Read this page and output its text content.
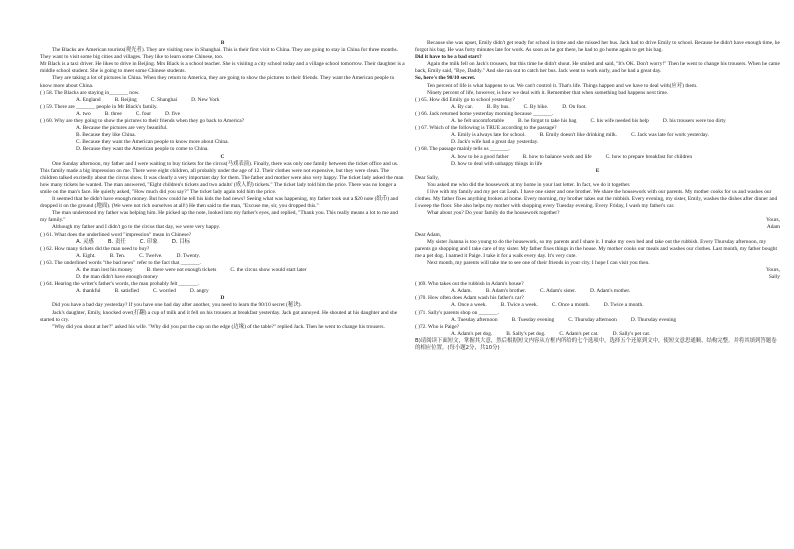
B

The Blacks are American tourists(观光者). They are visiting now in Shanghai. This is their first visit to China. They are going to stay in China for three months. They want to visit some big cities and villages. They like to learn some Chinese, too.

Mr Black is a taxi driver. He likes to drive in Beijing. Mrs Black is a school teacher. She is visiting a city school today and a village school tomorrow. Their daughter is a middle school student. She is going to meet some Chinese students.

They are taking a lot of pictures in China. When they return to America, they are going to show the pictures to their friends. They want the American people to know more about China.

( ) 58. The Blacks are staying in_______ now.

A. England	B. Beijing	C. Shanghai	D. New York

( ) 59. There are _______ people in Mr Black's family.

A. two	B. three	C. four	D. five

( ) 60. Why are they going to show the pictures to their friends when they go back to America?

A. Because the pictures are very beautiful.
B. Because they like China.
C. Because they want the American people to know more about China.
D. Because they want the American people to come to China.

C

One Sunday afternoon, my father and I were waiting to buy tickets for the circus(马戏表演). Finally, there was only one family between the ticket office and us. This family made a big impression on me. There were eight children, all probably under the age of 12. Their clothes were not expensive, but they were clean. The children talked excitedly about the circus show. It was clearly a very important day for them. The father and mother were also very happy. The ticket lady asked the man how many tickets he wanted. The man answered, "Eight children's tickets and two adults' (成人的) tickets." The ticket lady told him the price. There was no longer a smile on the man's face. He quietly asked, "How much did you say?" The ticket lady again told him the price.

It seemed that he didn't have enough money. But how could he tell his kids the bad news? Seeing what was happening, my father took out a $20 note (纸币) and dropped it on the ground (地面). (We were not rich ourselves at all!) He then said to the man, "Excuse me, sir, you dropped this."

The man understood my father was helping him. He picked up the note, looked into my father's eyes, and replied, "Thank you. This really means a lot to me and my family."

Although my father and I didn't go to the circus that day, we were very happy.

( ) 61. What does the underlined word "impression" mean in Chinese?

A. 灵感	B. 责任	C. 印象	D. 目标

( ) 62. How many tickets did the man need to buy?

A. Eight.	B. Ten.	C. Twelve.	D. Twenty.

( ) 63. The underlined words "the bad news" refer to the fact that _______.

A. the man lost his money	B. there were not enough tickets	C. the circus show would start later
D. the man didn't have enough money

( ) 64. Hearing the writer's father's words, the man probably felt _______.

A. thankful	B. satisfied	C. worried	D. angry

D

Did you have a bad day yesterday? If you have one bad day after another, you need to learn the 90/10 secret (秘诀).

Jack's daughter, Emily, knocked over(打翻) a cup of milk and it fell on his trousers at breakfast yesterday. Jack got annoyed. He shouted at his daughter and she started to cry.

"Why did you shout at her?" asked his wife. "Why did you put the cup on the edge (边缘) of the table?" replied Jack. Then he went to change his trousers.

Because she was upset, Emily didn't get ready for school in time and she missed her bus. Jack had to drive Emily to school. Because he didn't have enough time, he forgot his bag. He was forty minutes late for work. As soon as he got there, he had to go home again to get his bag.

Did it have to be a bad start?

Again the milk fell on Jack's trousers, but this time he didn't shout. He smiled and said, "It's OK. Don't worry!" Then he went to change his trousers. When he came back, Emily said, "Bye, Daddy." And she ran out to catch her bus. Jack went to work early, and he had a great day.

So, here's the 90/10 secret.

Ten percent of life is what happens to us. We can't control it. That's life. Things happen and we have to deal with(应对) them.

Ninety percent of life, however, is how we deal with it. Remember that when something bad happens next time.

( ) 65. How did Emily go to school yesterday?

A. By car.	B. By bus.	C. By bike.	D. On foot.

( ) 66. Jack returned home yesterday morning because _______.

A. he felt uncomfortable	B. he forgot to take his bag	C. his wife needed his help	D. his trousers were too dirty

( ) 67. Which of the following is TRUE according to the passage?

A. Emily is always late for school.	B. Emily doesn't like drinking milk.	C. Jack was late for work yesterday.
D. Jack's wife had a great day yesterday.

( ) 68. The passage mainly tells us _______.

A. how to be a good father	B. how to balance work and life	C. how to prepare breakfast for children
D. how to deal with unhappy things in life

E

Dear Sally,

You asked me who did the housework at my home in your last letter. In fact, we do it together.

I live with my family and my pet cat Leah. I have one sister and one brother. We share the housework with our parents. My mother cooks for us and washes our clothes. My father fixes anything broken at home. Every morning, my brother takes out the rubbish. Every evening, my sister, Emily, washes the dishes after dinner and I sweep the floor. She also helps my mother with shopping every Tuesday evening. Every Friday, I wash my father's car.

What about you? Do your family do the housework together?

Yours,

Adam

Dear Adam,

My sister Joanna is too young to do the housework, so my parents and I share it. I make my own bed and take out the rubbish. Every Thursday afternoon, my parents go shopping and I take care of my sister. My father fixes things in the house. My mother cooks our meals and washes our clothes. Last month, my father bought me a pet dog. I named it Paige. I take it for a walk every day. It's very cute.

Next month, my parents will take me to see one of their friends in your city. I hope I can visit you then.

Yours,

Sally

( )69. Who takes out the rubbish in Adam's house?

A. Adam.	B. Adam's brother.	C. Adam's sister.	D. Adam's mother.

( )70. How often does Adam wash his father's car?

A. Once a week.	B. Twice a week.	C. Once a month.	D. Twice a month.

( )71. Sally's parents shop on _______.

A. Tuesday afternoon	B. Tuesday evening	C. Thursday afternoon	D. Thursday evening

( )72. Who is Paige?

A. Adam's pet dog.	B. Sally's pet dog.	C. Adam's pet cat.	D. Sally's pet cat.

B)请阅读下面短文，掌握其大意，然后根据短文内容从方框内所给的七个选项中，选择五个还原到文中，使短文意思通顺、结构完整。并将其填到答题卷的相应位置。(每小题2分，共10分)
